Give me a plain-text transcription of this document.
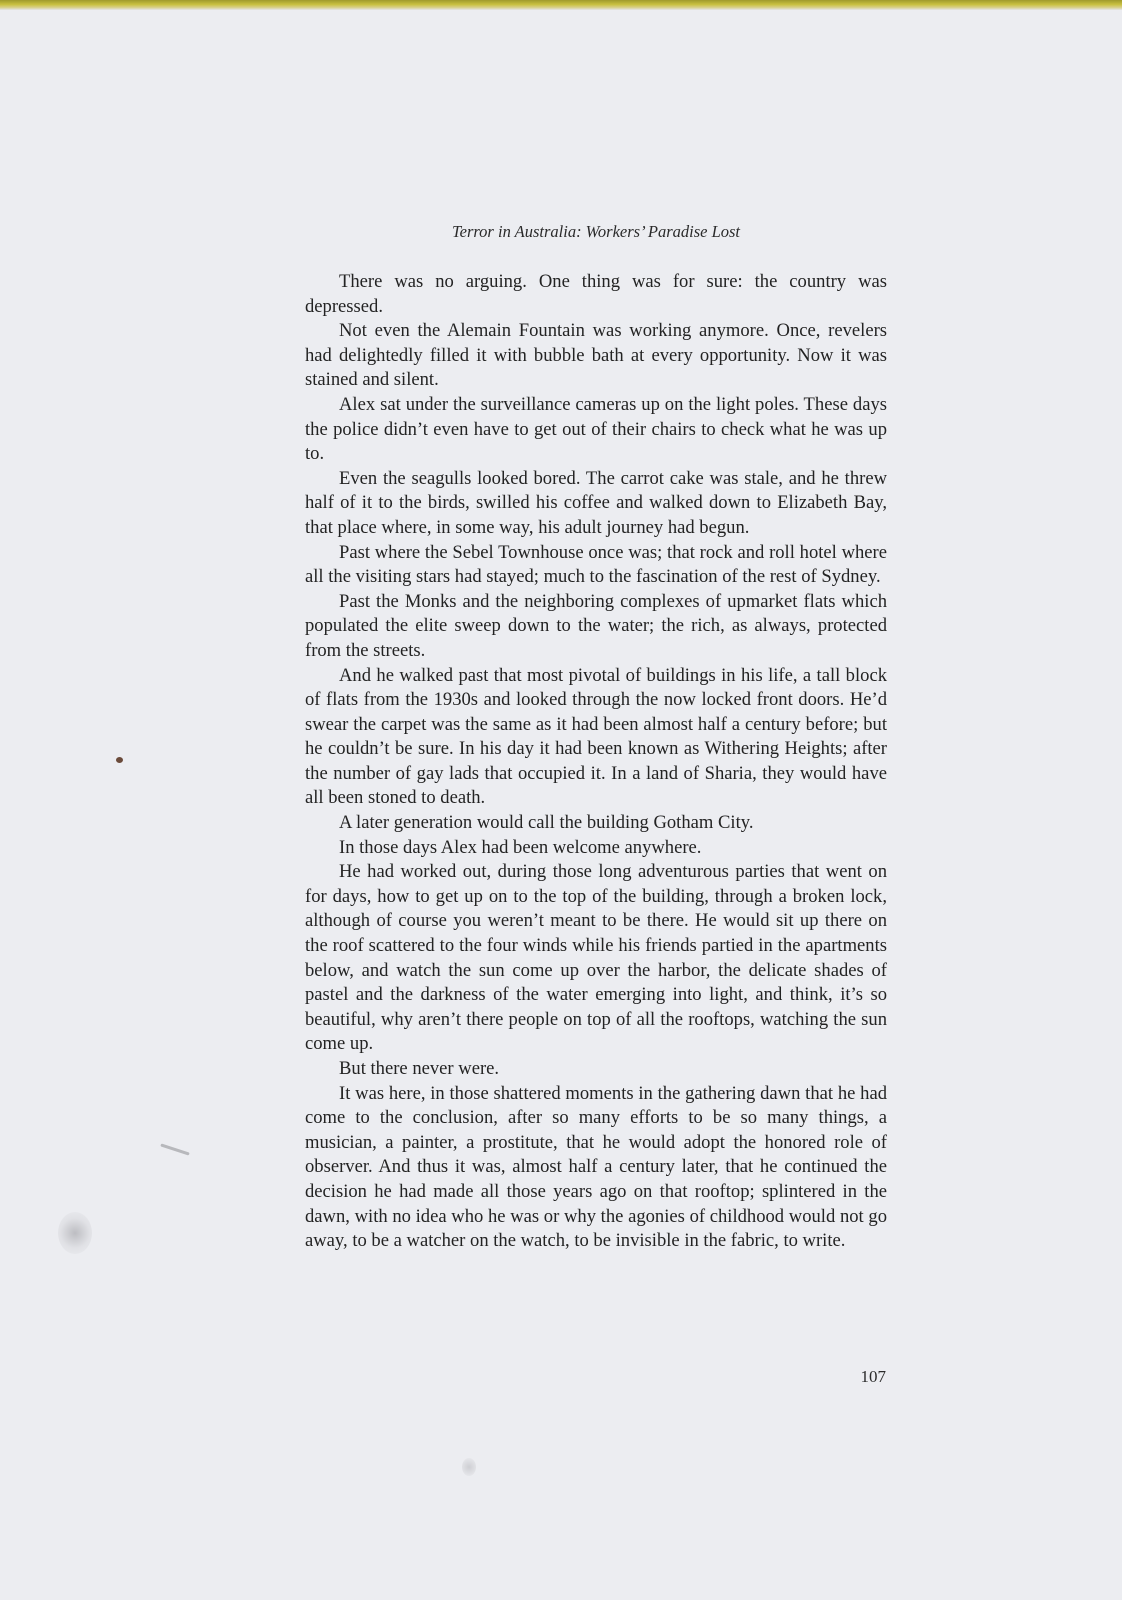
Terror in Australia: Workers’ Paradise Lost

There was no arguing. One thing was for sure: the country was depressed.

Not even the Alemain Fountain was working anymore. Once, revelers had delightedly filled it with bubble bath at every opportunity. Now it was stained and silent.

Alex sat under the surveillance cameras up on the light poles. These days the police didn’t even have to get out of their chairs to check what he was up to.

Even the seagulls looked bored. The carrot cake was stale, and he threw half of it to the birds, swilled his coffee and walked down to Elizabeth Bay, that place where, in some way, his adult journey had begun.

Past where the Sebel Townhouse once was; that rock and roll hotel where all the visiting stars had stayed; much to the fascination of the rest of Sydney.

Past the Monks and the neighboring complexes of upmarket flats which populated the elite sweep down to the water; the rich, as always, protected from the streets.

And he walked past that most pivotal of buildings in his life, a tall block of flats from the 1930s and looked through the now locked front doors. He’d swear the carpet was the same as it had been almost half a century before; but he couldn’t be sure. In his day it had been known as Withering Heights; after the number of gay lads that occupied it. In a land of Sharia, they would have all been stoned to death.

A later generation would call the building Gotham City.

In those days Alex had been welcome anywhere.

He had worked out, during those long adventurous parties that went on for days, how to get up on to the top of the building, through a broken lock, although of course you weren’t meant to be there. He would sit up there on the roof scattered to the four winds while his friends partied in the apartments below, and watch the sun come up over the harbor, the delicate shades of pastel and the darkness of the water emerging into light, and think, it’s so beautiful, why aren’t there people on top of all the rooftops, watching the sun come up.

But there never were.

It was here, in those shattered moments in the gathering dawn that he had come to the conclusion, after so many efforts to be so many things, a musician, a painter, a prostitute, that he would adopt the honored role of observer. And thus it was, almost half a century later, that he continued the decision he had made all those years ago on that rooftop; splintered in the dawn, with no idea who he was or why the agonies of childhood would not go away, to be a watcher on the watch, to be invisible in the fabric, to write.

107
